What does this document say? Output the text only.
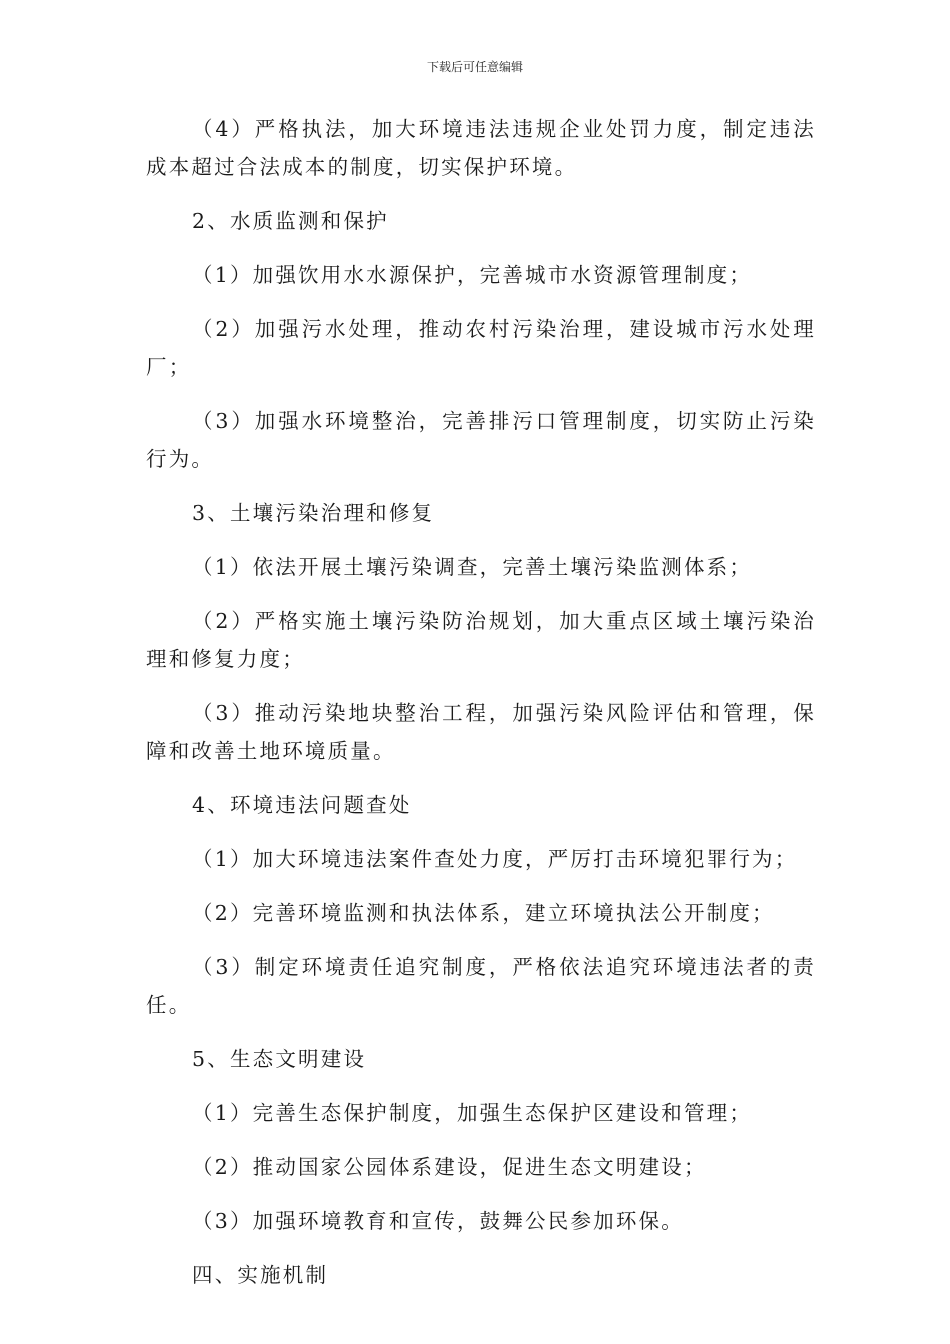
下载后可任意编辑

（4）严格执法，加大环境违法违规企业处罚力度，制定违法成本超过合法成本的制度，切实保护环境。

2、水质监测和保护

（1）加强饮用水水源保护，完善城市水资源管理制度；

（2）加强污水处理，推动农村污染治理，建设城市污水处理厂；

（3）加强水环境整治，完善排污口管理制度，切实防止污染行为。

3、土壤污染治理和修复

（1）依法开展土壤污染调查，完善土壤污染监测体系；

（2）严格实施土壤污染防治规划，加大重点区域土壤污染治理和修复力度；

（3）推动污染地块整治工程，加强污染风险评估和管理，保障和改善土地环境质量。

4、环境违法问题查处

（1）加大环境违法案件查处力度，严厉打击环境犯罪行为；

（2）完善环境监测和执法体系，建立环境执法公开制度；

（3）制定环境责任追究制度，严格依法追究环境违法者的责任。

5、生态文明建设

（1）完善生态保护制度，加强生态保护区建设和管理；

（2）推动国家公园体系建设，促进生态文明建设；

（3）加强环境教育和宣传，鼓舞公民参加环保。

四、实施机制
